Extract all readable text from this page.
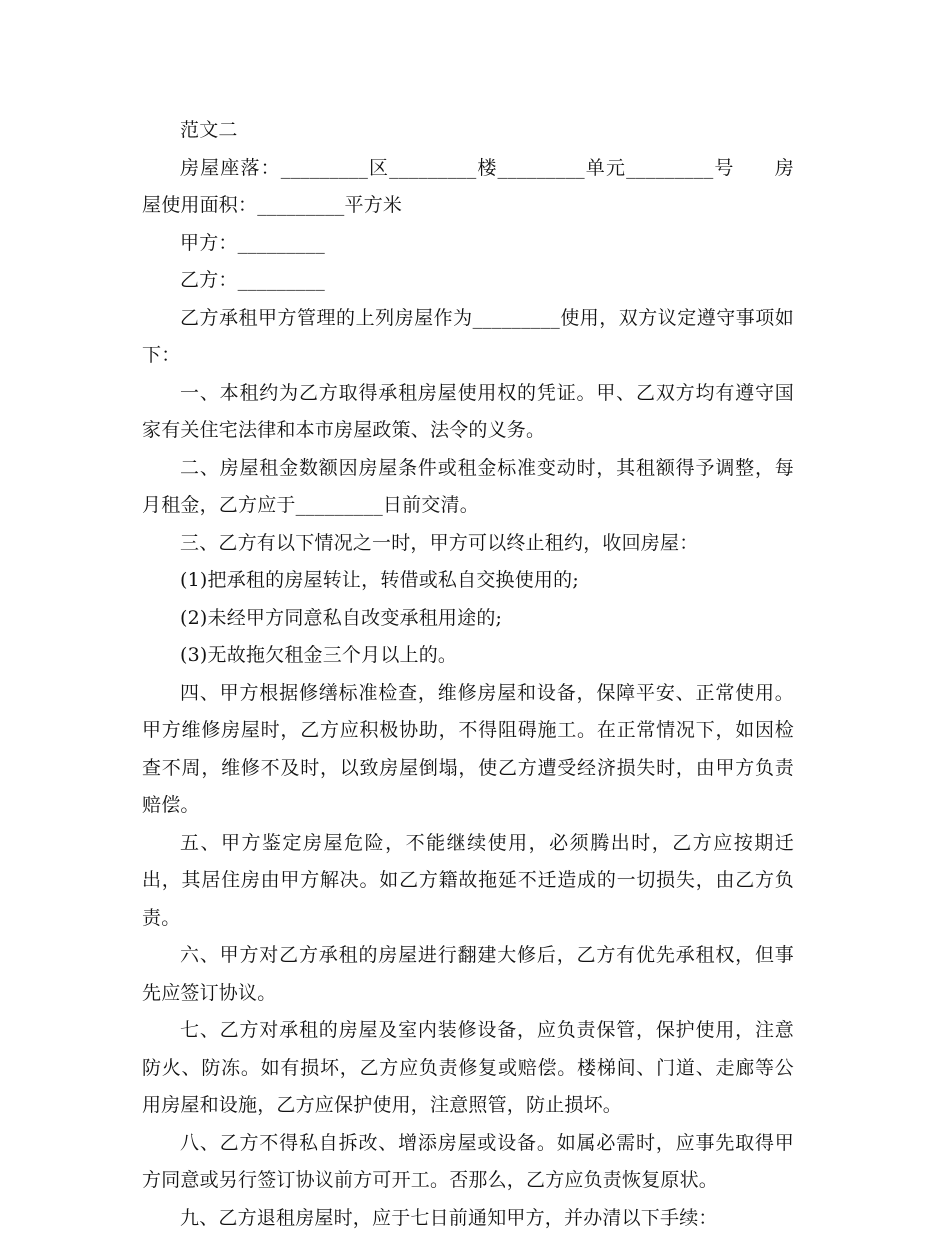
范文二

房屋座落：_________区_________楼_________单元_________号　　房屋使用面积：_________平方米

甲方：_________

乙方：_________

乙方承租甲方管理的上列房屋作为_________使用，双方议定遵守事项如下：

一、本租约为乙方取得承租房屋使用权的凭证。甲、乙双方均有遵守国家有关住宅法律和本市房屋政策、法令的义务。

二、房屋租金数额因房屋条件或租金标准变动时，其租额得予调整，每月租金，乙方应于_________日前交清。

三、乙方有以下情况之一时，甲方可以终止租约，收回房屋：

(1)把承租的房屋转让，转借或私自交换使用的;

(2)未经甲方同意私自改变承租用途的;

(3)无故拖欠租金三个月以上的。

四、甲方根据修缮标准检查，维修房屋和设备，保障平安、正常使用。甲方维修房屋时，乙方应积极协助，不得阻碍施工。在正常情况下，如因检查不周，维修不及时，以致房屋倒塌，使乙方遭受经济损失时，由甲方负责赔偿。

五、甲方鉴定房屋危险，不能继续使用，必须腾出时，乙方应按期迁出，其居住房由甲方解决。如乙方籍故拖延不迁造成的一切损失，由乙方负责。

六、甲方对乙方承租的房屋进行翻建大修后，乙方有优先承租权，但事先应签订协议。

七、乙方对承租的房屋及室内装修设备，应负责保管，保护使用，注意防火、防冻。如有损坏，乙方应负责修复或赔偿。楼梯间、门道、走廊等公用房屋和设施，乙方应保护使用，注意照管，防止损坏。

八、乙方不得私自拆改、增添房屋或设备。如属必需时，应事先取得甲方同意或另行签订协议前方可开工。否那么，乙方应负责恢复原状。

九、乙方退租房屋时，应于七日前通知甲方，并办清以下手续：
